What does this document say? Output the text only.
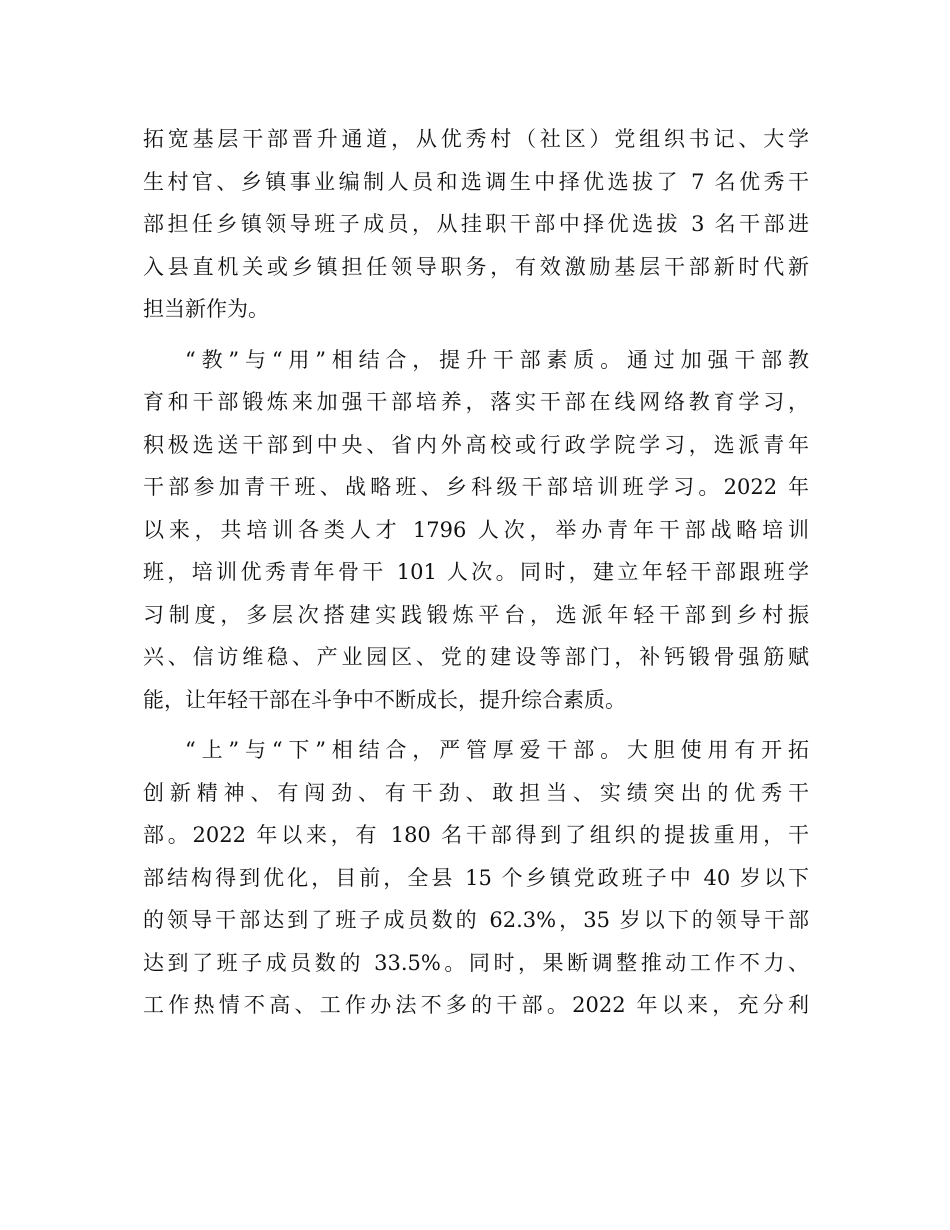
拓宽基层干部晋升通道，从优秀村（社区）党组织书记、大学
生村官、乡镇事业编制人员和选调生中择优选拔了 7 名优秀干
部担任乡镇领导班子成员，从挂职干部中择优选拔 3 名干部进
入县直机关或乡镇担任领导职务，有效激励基层干部新时代新
担当新作为。
“教”与“用”相结合，提升干部素质。通过加强干部教
育和干部锻炼来加强干部培养，落实干部在线网络教育学习，
积极选送干部到中央、省内外高校或行政学院学习，选派青年
干部参加青干班、战略班、乡科级干部培训班学习。2022 年
以来，共培训各类人才 1796 人次，举办青年干部战略培训
班，培训优秀青年骨干 101 人次。同时，建立年轻干部跟班学
习制度，多层次搭建实践锻炼平台，选派年轻干部到乡村振
兴、信访维稳、产业园区、党的建设等部门，补钙锻骨强筋赋
能，让年轻干部在斗争中不断成长，提升综合素质。
“上”与“下”相结合，严管厚爱干部。大胆使用有开拓
创新精神、有闯劲、有干劲、敢担当、实绩突出的优秀干
部。2022 年以来，有 180 名干部得到了组织的提拔重用，干
部结构得到优化，目前，全县 15 个乡镇党政班子中 40 岁以下
的领导干部达到了班子成员数的 62.3%，35 岁以下的领导干部
达到了班子成员数的 33.5%。同时，果断调整推动工作不力、
工作热情不高、工作办法不多的干部。2022 年以来，充分利
